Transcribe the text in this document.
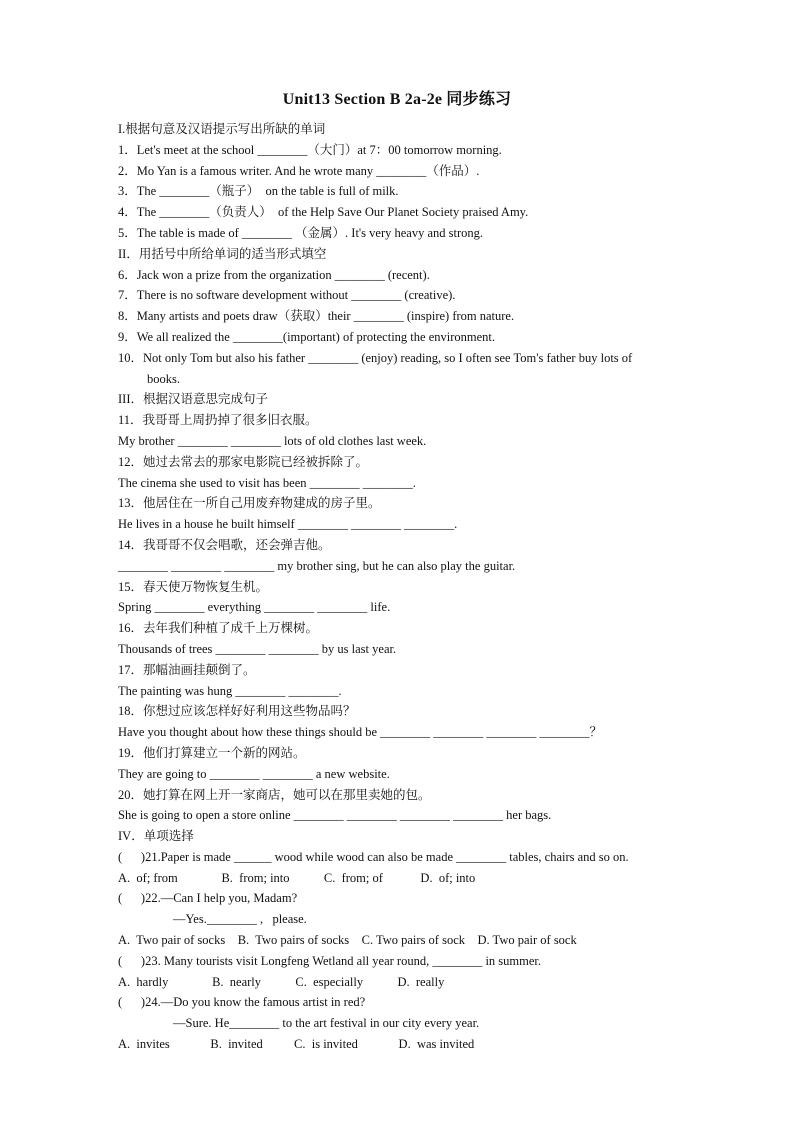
Unit13 Section B 2a-2e 同步练习
I.根据句意及汉语提示写出所缺的单词
1．Let's meet at the school ________（大门）at 7：00 tomorrow morning.
2．Mo Yan is a famous writer. And he wrote many ________（作品）.
3．The ________（瓶子）  on the table is full of milk.
4．The ________（负责人）  of the Help Save Our Planet Society praised Amy.
5．The table is made of ________ （金属）. It's very heavy and strong.
II．用括号中所给单词的适当形式填空
6．Jack won a prize from the organization ________ (recent).
7．There is no software development without ________ (creative).
8．Many artists and poets draw（获取）their ________ (inspire) from nature.
9．We all realized the ________(important) of protecting the environment.
10．Not only Tom but also his father ________ (enjoy) reading, so I often see Tom's father buy lots of
books.
III．根据汉语意思完成句子
11．我哥哥上周扔掉了很多旧衣服。
My brother ________ ________ lots of old clothes last week.
12．她过去常去的那家电影院已经被拆除了。
The cinema she used to visit has been ________ ________.
13．他居住在一所自己用废弃物建成的房子里。
He lives in a house he built himself ________ ________ ________.
14．我哥哥不仅会唱歌，还会弹吉他。
________ ________ ________ my brother sing, but he can also play the guitar.
15．春天使万物恢复生机。
Spring ________ everything ________ ________ life.
16．去年我们种植了成千上万棵树。
Thousands of trees ________ ________ by us last year.
17．那幅油画挂颠倒了。
The painting was hung ________ ________.
18．你想过应该怎样好好利用这些物品吗？
Have you thought about how these things should be ________ ________ ________ ________？
19．他们打算建立一个新的网站。
They are going to ________ ________ a new website.
20．她打算在网上开一家商店，她可以在那里卖她的包。
She is going to open a store online ________ ________ ________ ________ her bags.
IV．单项选择
(      )21.Paper is made ______ wood while wood can also be made ________ tables, chairs and so on.
A.  of; from              B.  from; into           C.  from; of            D.  of; into
(      )22.—Can I help you, Madam?
—Yes.________ ,   please.
A.  Two pair of socks    B.  Two pairs of socks    C. Two pairs of sock    D. Two pair of sock
(      )23. Many tourists visit Longfeng Wetland all year round, ________ in summer.
A.  hardly              B.  nearly           C.  especially           D.  really
(      )24.—Do you know the famous artist in red?
—Sure. He________ to the art festival in our city every year.
A.  invites             B.  invited          C.  is invited             D.  was invited
